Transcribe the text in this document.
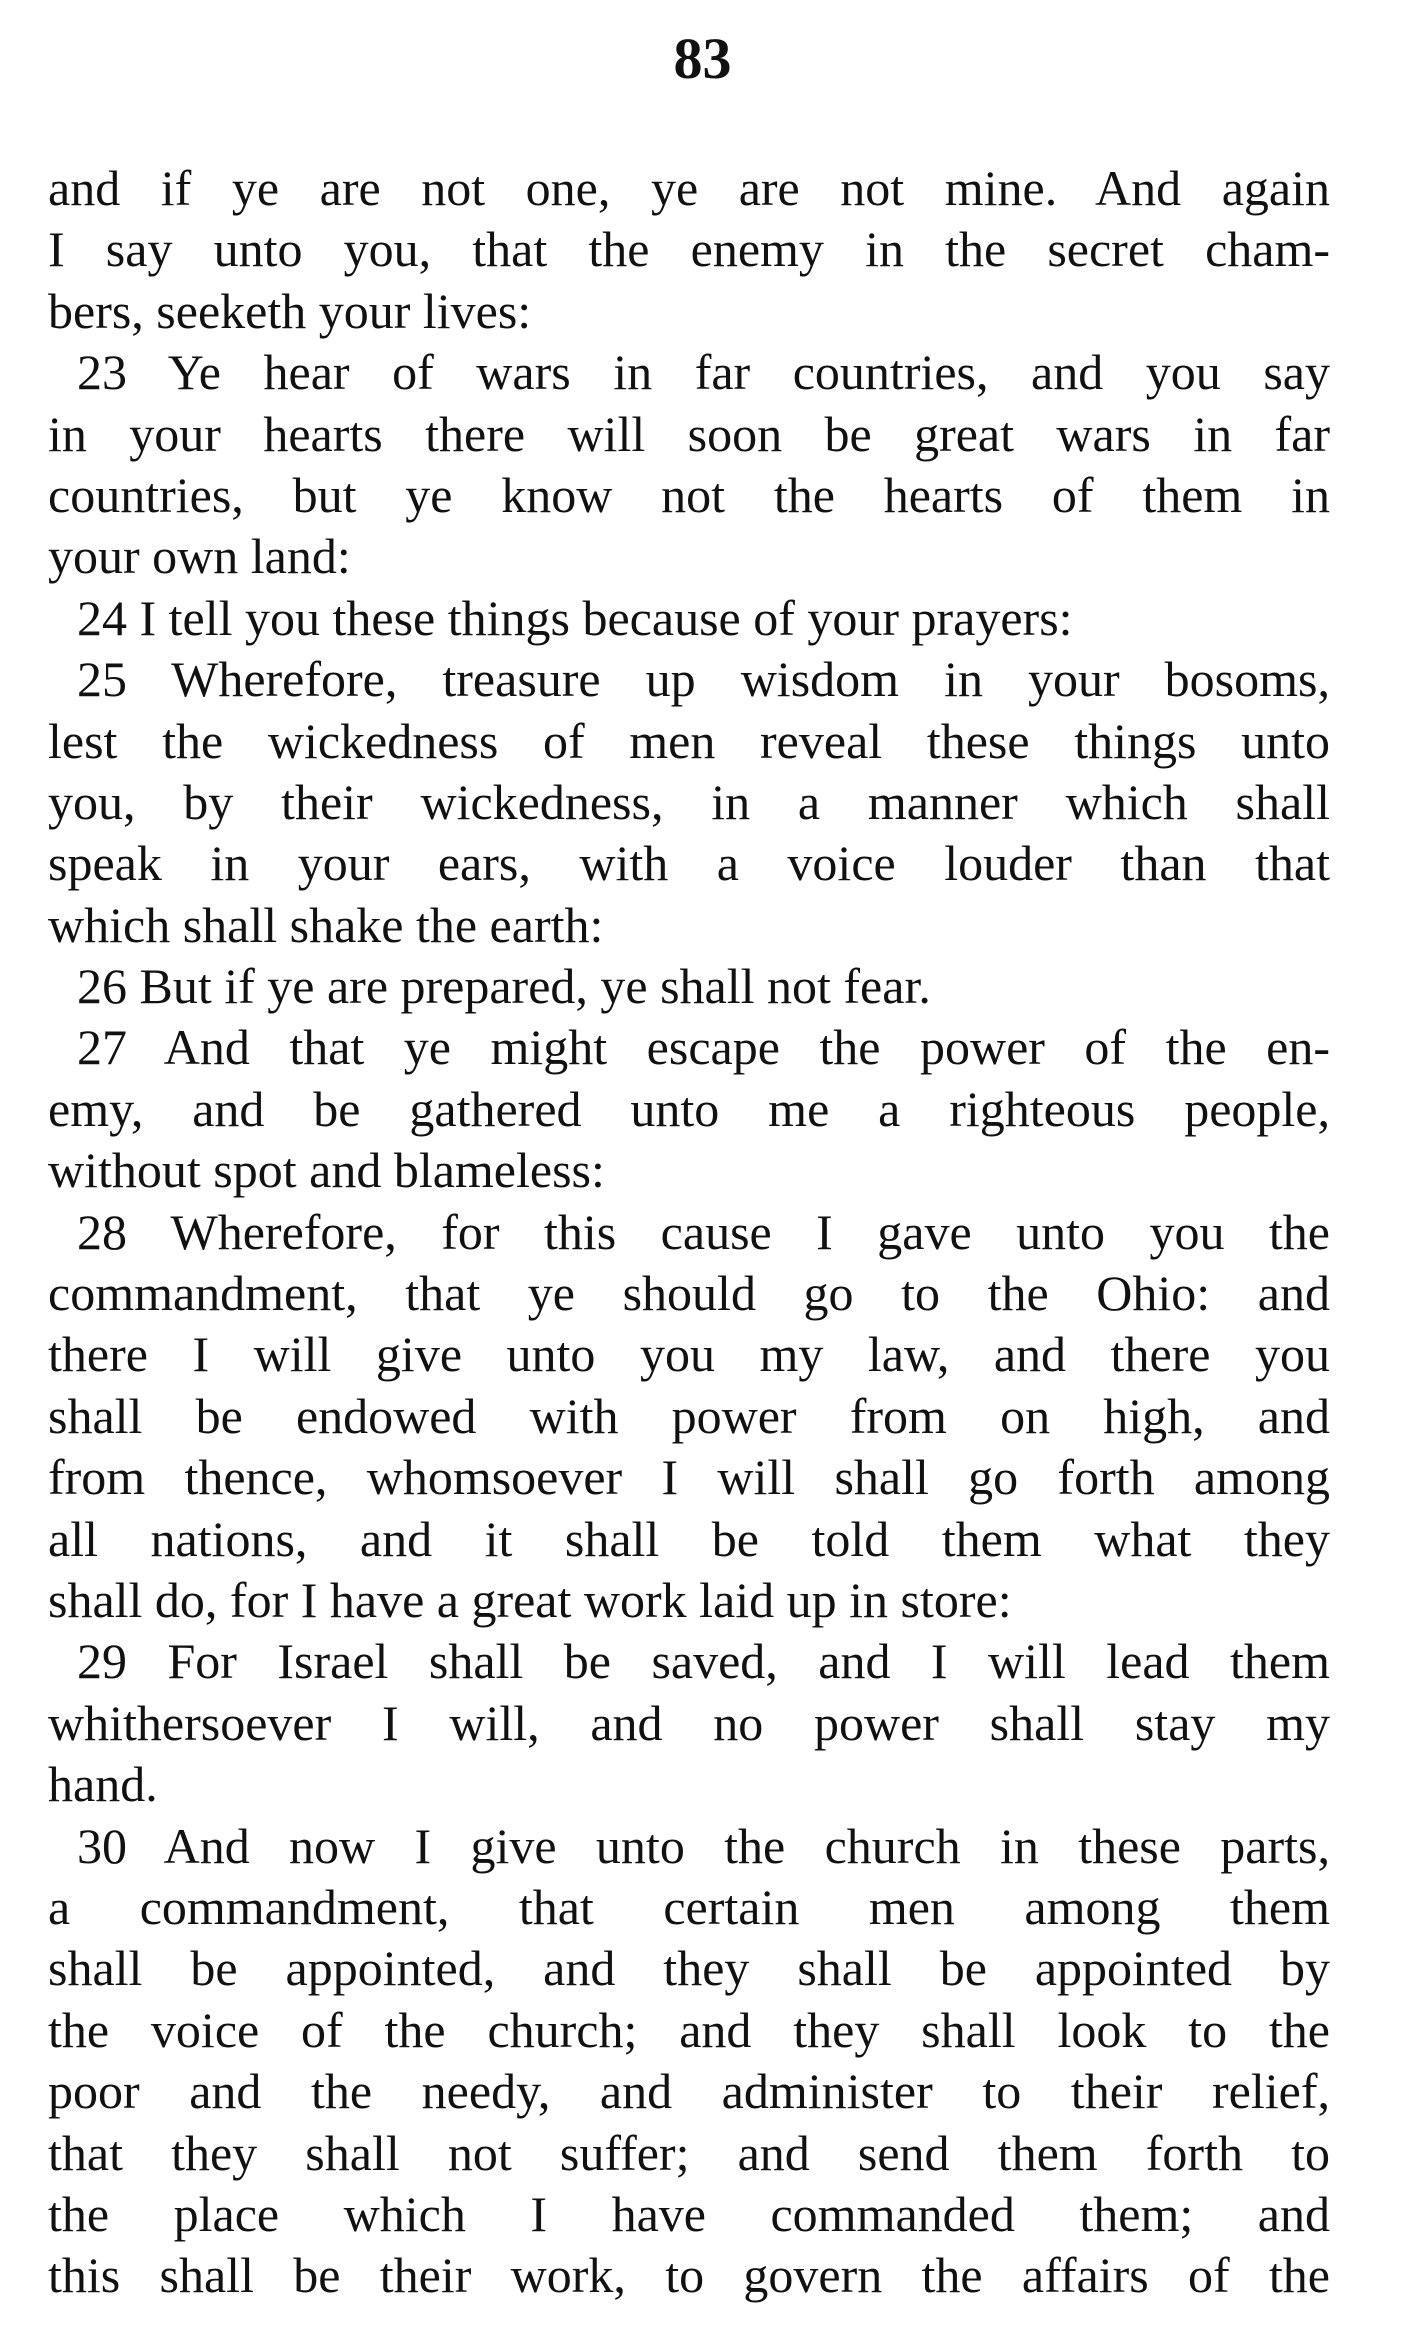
83
and if ye are not one, ye are not mine. And again
I say unto you, that the enemy in the secret cham-
bers, seeketh your lives:
23 Ye hear of wars in far countries, and you say
in your hearts there will soon be great wars in far
countries, but ye know not the hearts of them in
your own land:
24 I tell you these things because of your prayers:
25 Wherefore, treasure up wisdom in your bosoms,
lest the wickedness of men reveal these things unto
you, by their wickedness, in a manner which shall
speak in your ears, with a voice louder than that
which shall shake the earth:
26 But if ye are prepared, ye shall not fear.
27 And that ye might escape the power of the en-
emy, and be gathered unto me a righteous people,
without spot and blameless:
28 Wherefore, for this cause I gave unto you the
commandment, that ye should go to the Ohio: and
there I will give unto you my law, and there you
shall be endowed with power from on high, and
from thence, whomsoever I will shall go forth among
all nations, and it shall be told them what they
shall do, for I have a great work laid up in store:
29 For Israel shall be saved, and I will lead them
whithersoever I will, and no power shall stay my
hand.
30 And now I give unto the church in these parts,
a commandment, that certain men among them
shall be appointed, and they shall be appointed by
the voice of the church; and they shall look to the
poor and the needy, and administer to their relief,
that they shall not suffer; and send them forth to
the place which I have commanded them; and
this shall be their work, to govern the affairs of the
